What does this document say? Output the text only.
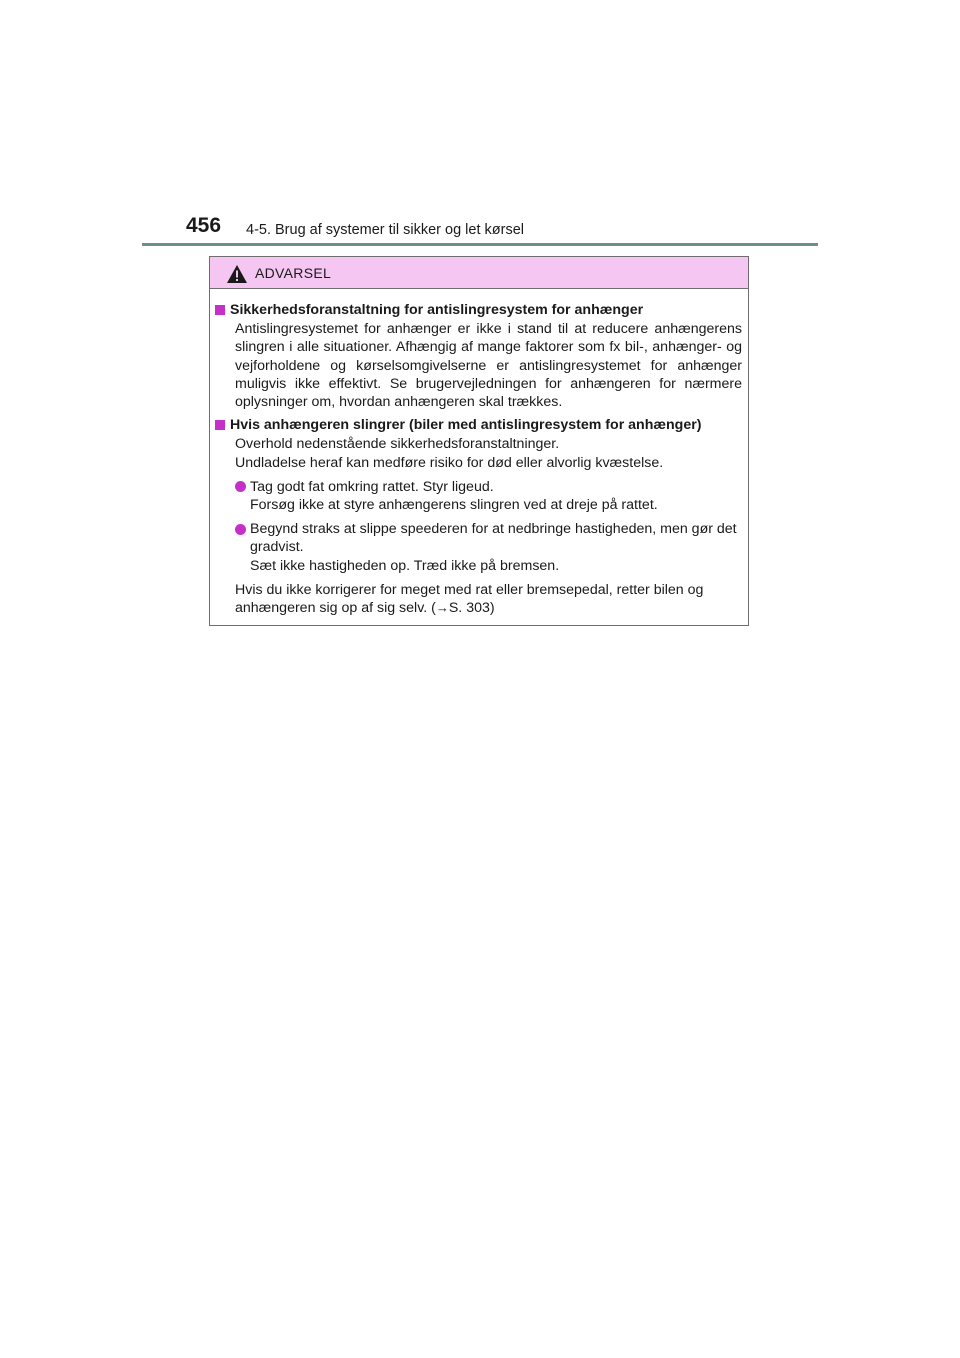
456 4-5. Brug af systemer til sikker og let kørsel
ADVARSEL
Sikkerhedsforanstaltning for antislingresystem for anhænger

Antislingresystemet for anhænger er ikke i stand til at reducere anhængerens slingren i alle situationer. Afhængig af mange faktorer som fx bil-, anhænger- og vejforholdene og kørselsomgivelserne er antislingresystemet for anhænger muligvis ikke effektivt. Se brugervejledningen for anhængeren for nærmere oplysninger om, hvordan anhængeren skal trækkes.

Hvis anhængeren slingrer (biler med antislingresystem for anhænger)
Overhold nedenstående sikkerhedsforanstaltninger.
Undladelse heraf kan medføre risiko for død eller alvorlig kvæstelse.
Tag godt fat omkring rattet. Styr ligeud.
Forsøg ikke at styre anhængerens slingren ved at dreje på rattet.
Begynd straks at slippe speederen for at nedbringe hastigheden, men gør det gradvist.
Sæt ikke hastigheden op. Træd ikke på bremsen.
Hvis du ikke korrigerer for meget med rat eller bremsepedal, retter bilen og anhængeren sig op af sig selv. (→S. 303)
